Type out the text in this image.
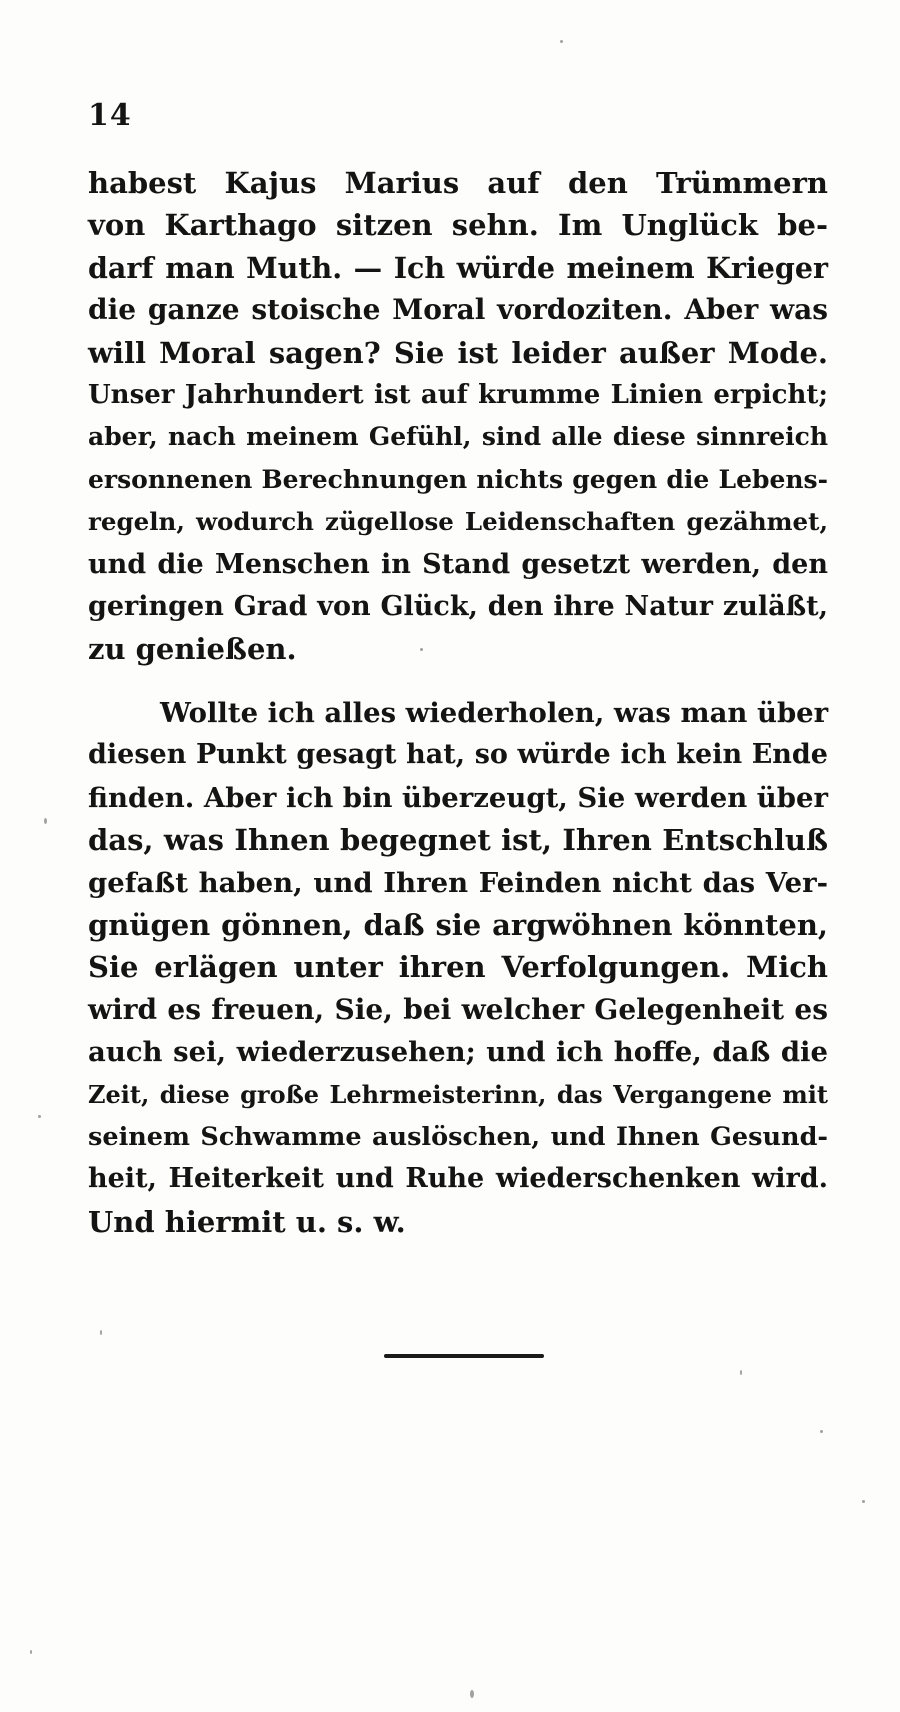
14
habest Kajus Marius auf den Trümmern
von Karthago sitzen sehn. Im Unglück be-
darf man Muth. — Ich würde meinem Krieger
die ganze stoische Moral vordoziten. Aber was
will Moral sagen? Sie ist leider außer Mode.
Unser Jahrhundert ist auf krumme Linien erpicht;
aber, nach meinem Gefühl, sind alle diese sinnreich
ersonnenen Berechnungen nichts gegen die Lebens-
regeln, wodurch zügellose Leidenschaften gezähmet,
und die Menschen in Stand gesetzt werden, den
geringen Grad von Glück, den ihre Natur zuläßt,
zu genießen.
Wollte ich alles wiederholen, was man über
diesen Punkt gesagt hat, so würde ich kein Ende
finden. Aber ich bin überzeugt, Sie werden über
das, was Ihnen begegnet ist, Ihren Entschluß
gefaßt haben, und Ihren Feinden nicht das Ver-
gnügen gönnen, daß sie argwöhnen könnten,
Sie erlägen unter ihren Verfolgungen. Mich
wird es freuen, Sie, bei welcher Gelegenheit es
auch sei, wiederzusehen; und ich hoffe, daß die
Zeit, diese große Lehrmeisterinn, das Vergangene mit
seinem Schwamme auslöschen, und Ihnen Gesund-
heit, Heiterkeit und Ruhe wiederschenken wird.
Und hiermit u. s. w.
